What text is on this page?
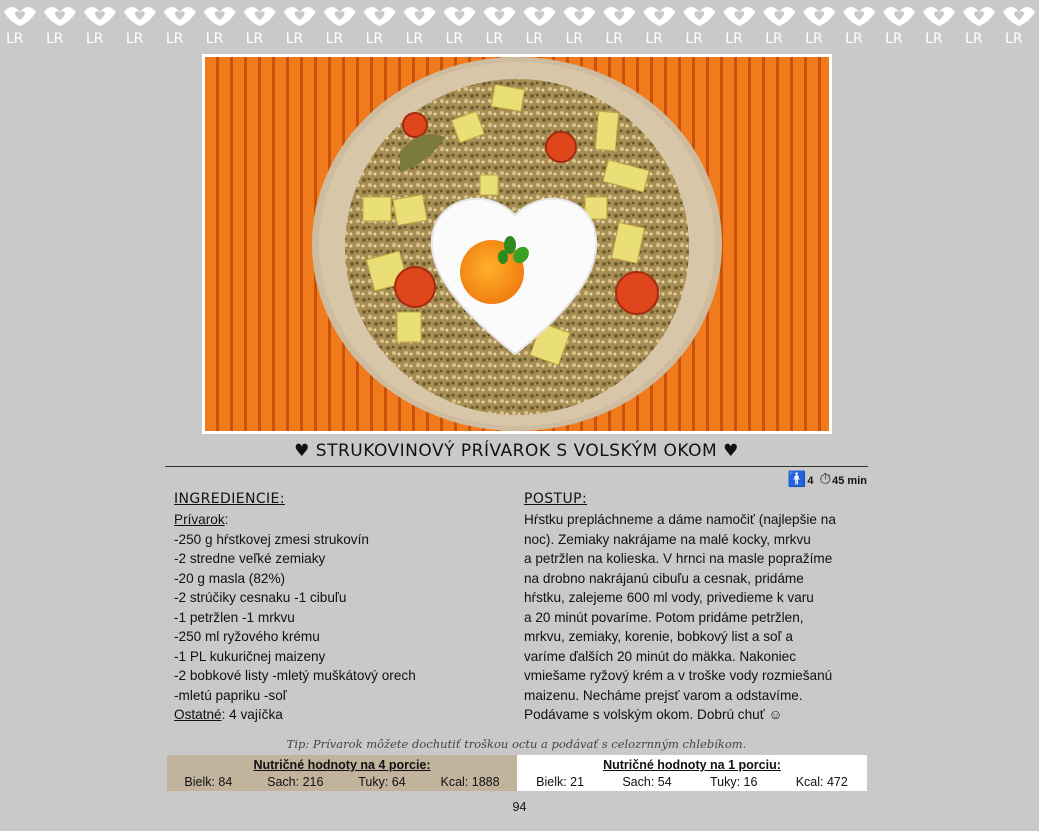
LR LR LR LR LR LR LR LR LR LR LR LR LR LR LR LR LR LR LR LR LR LR LR LR LR LR
♥ STRUKOVINOVÝ PRÍVAROK S VOLSKÝM OKOM ♥
🚹 4 ⏱ 45 min
INGREDIENCIE:
Prívarok:
-250 g hŕstkovej zmesi strukovín
-2 stredne veľké zemiaky
-20 g masla (82%)
-2 strúčiky cesnaku -1 cibuľu
-1 petržlen -1 mrkvu
-250 ml ryžového krému
-1 PL kukuričnej maizeny
-2 bobkové listy -mletý muškátový orech
-mletú papriku -soľ
Ostatné: 4 vajíčka
POSTUP:
Hŕstku prepláchneme a dáme namočiť (najlepšie na
noc). Zemiaky nakrájame na malé kocky, mrkvu
a petržlen na kolieska. V hrnci na masle popražíme
na drobno nakrájanú cibuľu a cesnak, pridáme
hŕstku, zalejeme 600 ml vody, privedieme k varu
a 20 minút povaríme. Potom pridáme petržlen,
mrkvu, zemiaky, korenie, bobkový list a soľ a
varíme ďalších 20 minút do mäkka. Nakoniec
vmiešame ryžový krém a v troške vody rozmiešanú
maizenu. Necháme prejsť varom a odstavíme.
Podávame s volským okom. Dobrú chuť ☺
Tip: Prívarok môžete dochutiť troškou octu a podávať s celozrnným chlebíkom.
Nutričné hodnoty na 4 porcie:
Bielk: 84	Sach: 216	Tuky: 64	Kcal: 1888
Nutričné hodnoty na 1 porciu:
Bielk: 21	Sach: 54	Tuky: 16	Kcal: 472
94
